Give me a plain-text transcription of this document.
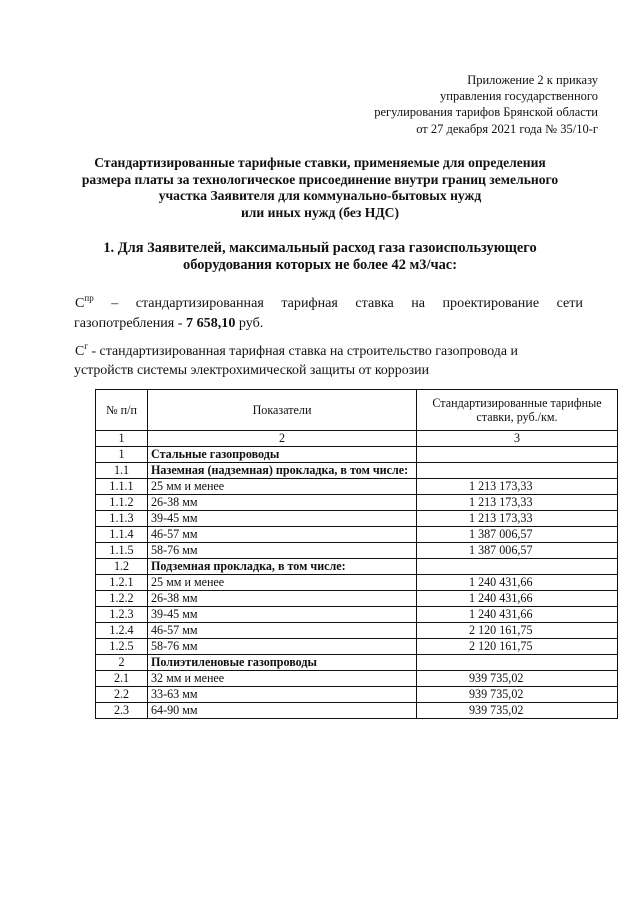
Приложение 2 к приказу
управления государственного
регулирования тарифов Брянской области
от 27 декабря 2021 года № 35/10-г
Стандартизированные тарифные ставки, применяемые для определения
размера платы за технологическое присоединение внутри границ земельного
участка Заявителя для коммунально-бытовых нужд
или иных нужд (без НДС)
1. Для Заявителей, максимальный расход газа газоиспользующего
оборудования которых не более 42 м3/час:
$С^{пр}$ – стандартизированная тарифная ставка на проектирование сети
газопотребления - 7 658,10 руб.
$С^г$ - стандартизированная тарифная ставка на строительство газопровода и
устройств системы электрохимической защиты от коррозии
№ п/п	Показатели	Стандартизированные тарифные ставки, руб./км.
1	2	3
1	Стальные газопроводы	
1.1	Наземная (надземная) прокладка, в том числе:	
1.1.1	25 мм и менее	1 213 173,33
1.1.2	26-38 мм	1 213 173,33
1.1.3	39-45 мм	1 213 173,33
1.1.4	46-57 мм	1 387 006,57
1.1.5	58-76 мм	1 387 006,57
1.2	Подземная прокладка, в том числе:	
1.2.1	25 мм и менее	1 240 431,66
1.2.2	26-38 мм	1 240 431,66
1.2.3	39-45 мм	1 240 431,66
1.2.4	46-57 мм	2 120 161,75
1.2.5	58-76 мм	2 120 161,75
2	Полиэтиленовые газопроводы	
2.1	32 мм и менее	939 735,02
2.2	33-63 мм	939 735,02
2.3	64-90 мм	939 735,02
